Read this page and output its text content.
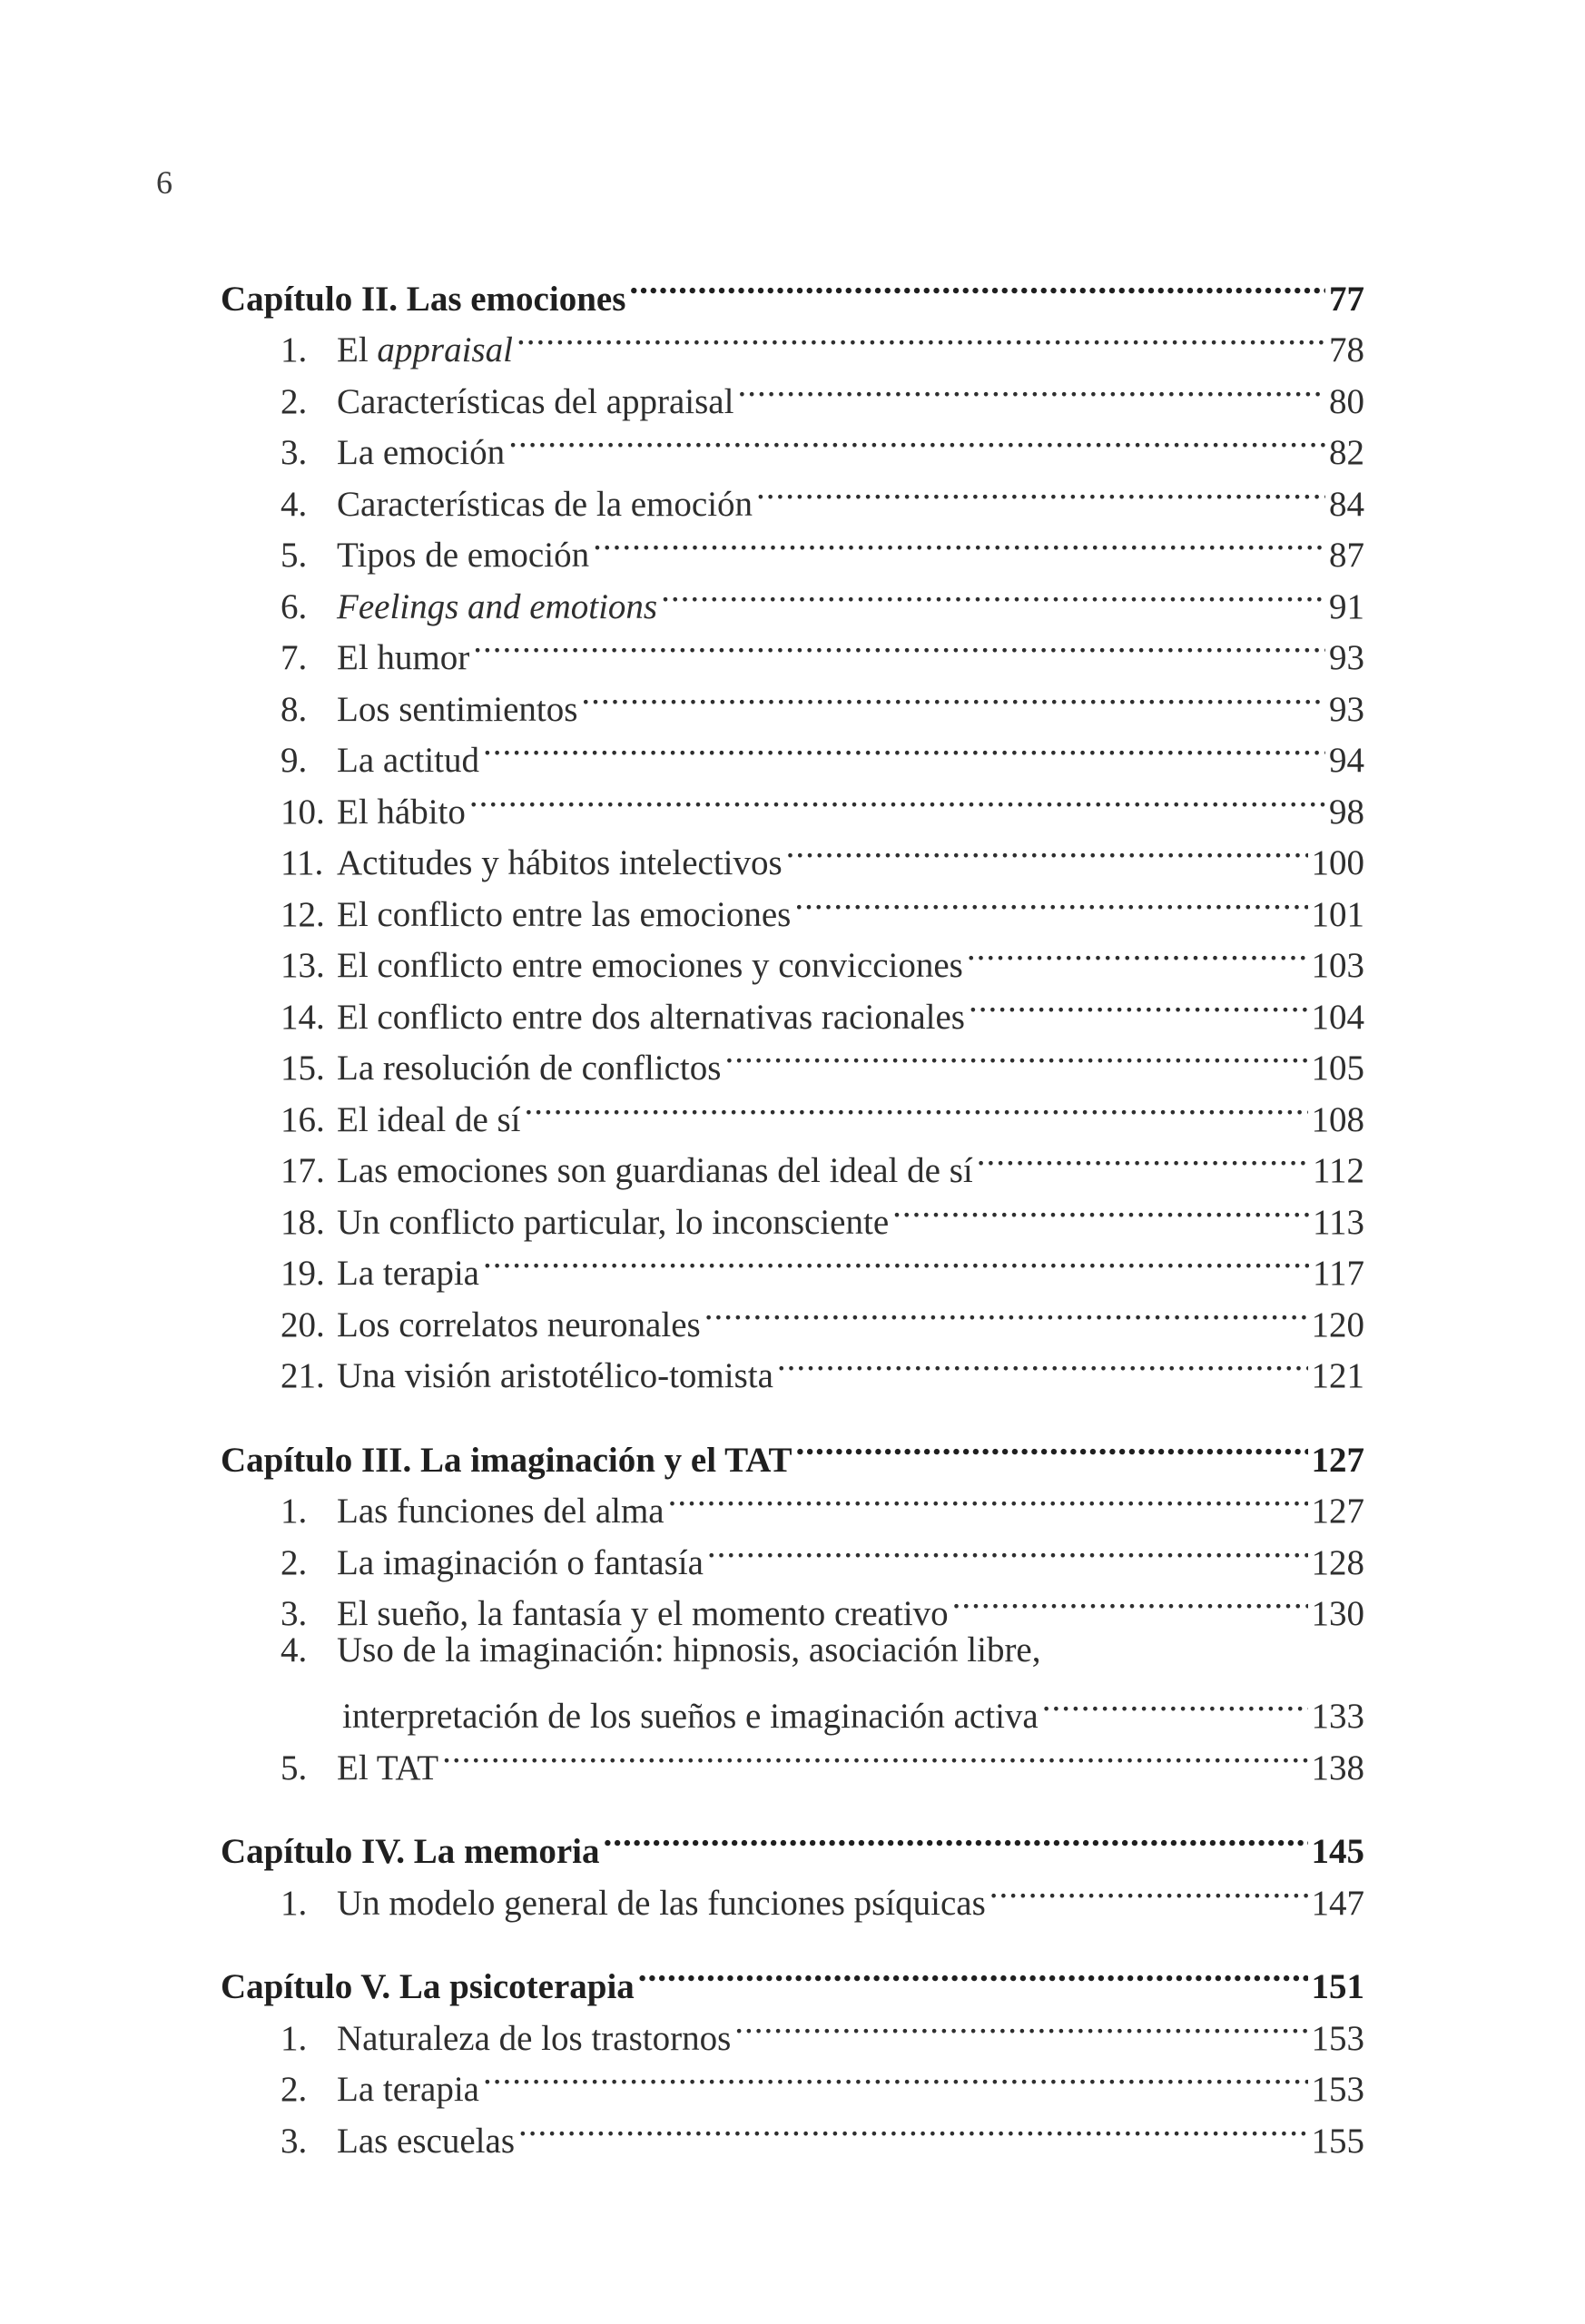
6
Capítulo II. Las emociones .....	77
1. El appraisal .....	78
2. Características del appraisal .....	80
3. La emoción .....	82
4. Características de la emoción .....	84
5. Tipos de emoción .....	87
6. Feelings and emotions .....	91
7. El humor .....	93
8. Los sentimientos .....	93
9. La actitud .....	94
10. El hábito .....	98
11. Actitudes y hábitos intelectivos .....	100
12. El conflicto entre las emociones .....	101
13. El conflicto entre emociones y convicciones .....	103
14. El conflicto entre dos alternativas racionales .....	104
15. La resolución de conflictos .....	105
16. El ideal de sí .....	108
17. Las emociones son guardianas del ideal de sí .....	112
18. Un conflicto particular, lo inconsciente .....	113
19. La terapia .....	117
20. Los correlatos neuronales .....	120
21. Una visión aristotélico-tomista .....	121
Capítulo III. La imaginación y el TAT .....	127
1. Las funciones del alma .....	127
2. La imaginación o fantasía .....	128
3. El sueño, la fantasía y el momento creativo .....	130
4. Uso de la imaginación: hipnosis, asociación libre,
interpretación de los sueños e imaginación activa .....	133
5. El TAT .....	138
Capítulo IV. La memoria .....	145
1. Un modelo general de las funciones psíquicas .....	147
Capítulo V. La psicoterapia .....	151
1. Naturaleza de los trastornos .....	153
2. La terapia .....	153
3. Las escuelas .....	155
